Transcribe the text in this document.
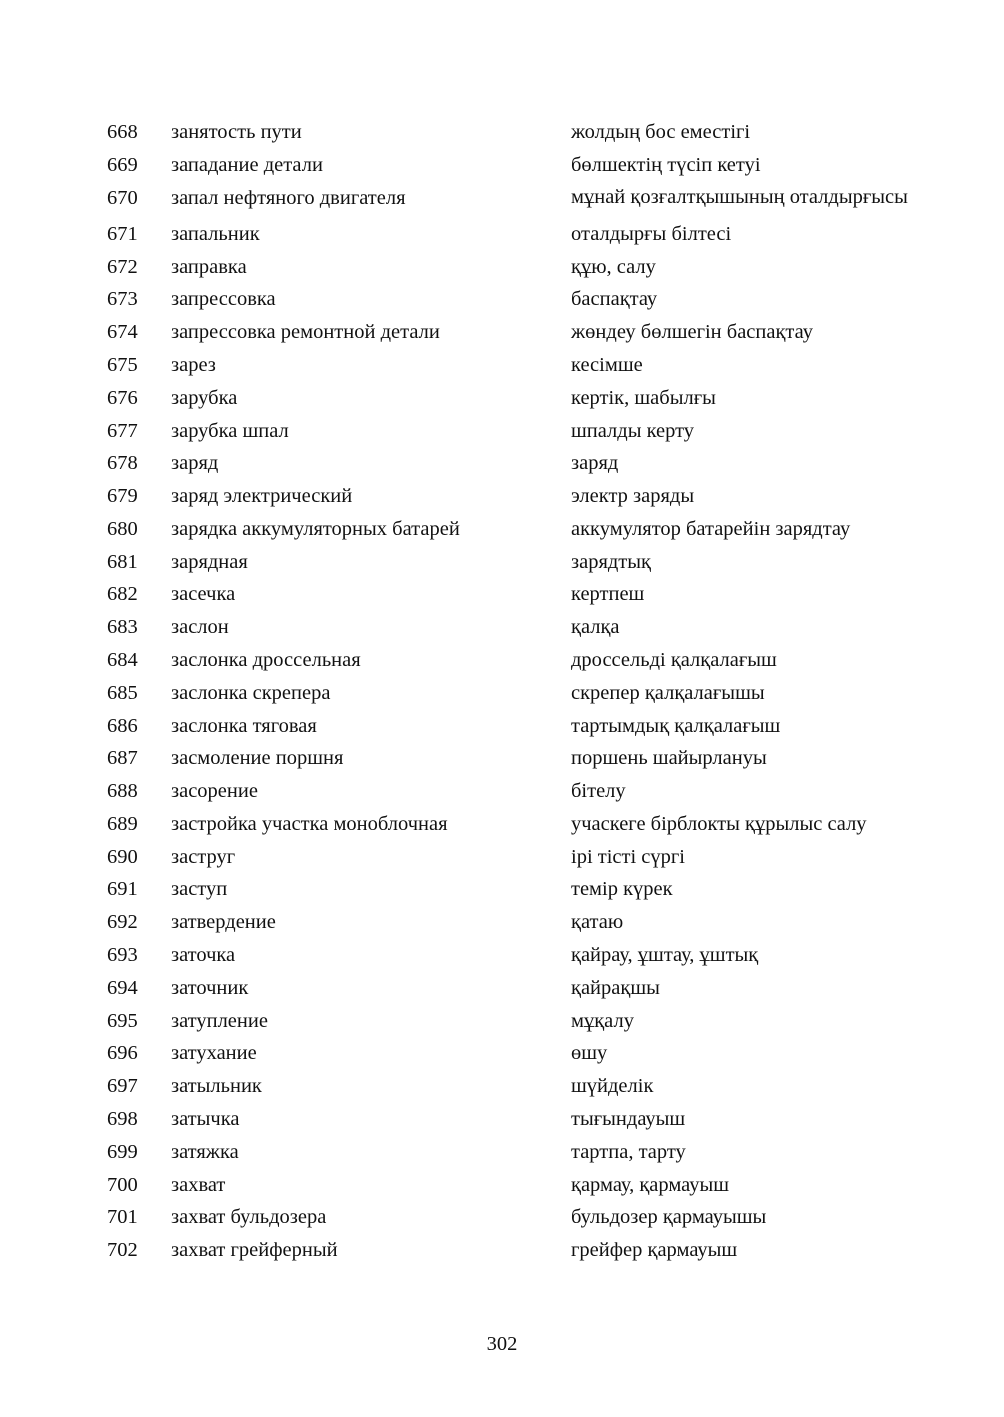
668	занятость пути	жолдың бос еместігі
669	западание детали	бөлшектің түсіп кетуі
670	запал нефтяного двигателя	мұнай қозғалтқышының оталдырғысы
671	запальник	оталдырғы білтесі
672	заправка	құю, салу
673	запрессовка	баспақтау
674	запрессовка ремонтной детали	жөндеу бөлшегін баспақтау
675	зарез	кесімше
676	зарубка	кертік, шабылғы
677	зарубка шпал	шпалды керту
678	заряд	заряд
679	заряд электрический	электр заряды
680	зарядка аккумуляторных батарей	аккумулятор батарейін зарядтау
681	зарядная	зарядтық
682	засечка	кертпеш
683	заслон	қалқа
684	заслонка дроссельная	дроссельді қалқалағыш
685	заслонка скрепера	скрепер қалқалағышы
686	заслонка тяговая	тартымдық қалқалағыш
687	засмоление поршня	поршень шайырлануы
688	засорение	бітелу
689	застройка участка моноблочная	учаскеге бірблокты құрылыс салу
690	заструг	ірі тісті сүргі
691	заступ	темір күрек
692	затвердение	қатаю
693	заточка	қайрау, ұштау, ұштық
694	заточник	қайрақшы
695	затупление	мұқалу
696	затухание	өшу
697	затыльник	шүйделік
698	затычка	тығындауыш
699	затяжка	тартпа, тарту
700	захват	қармау, қармауыш
701	захват бульдозера	бульдозер қармауышы
702	захват грейферный	грейфер қармауыш
302
